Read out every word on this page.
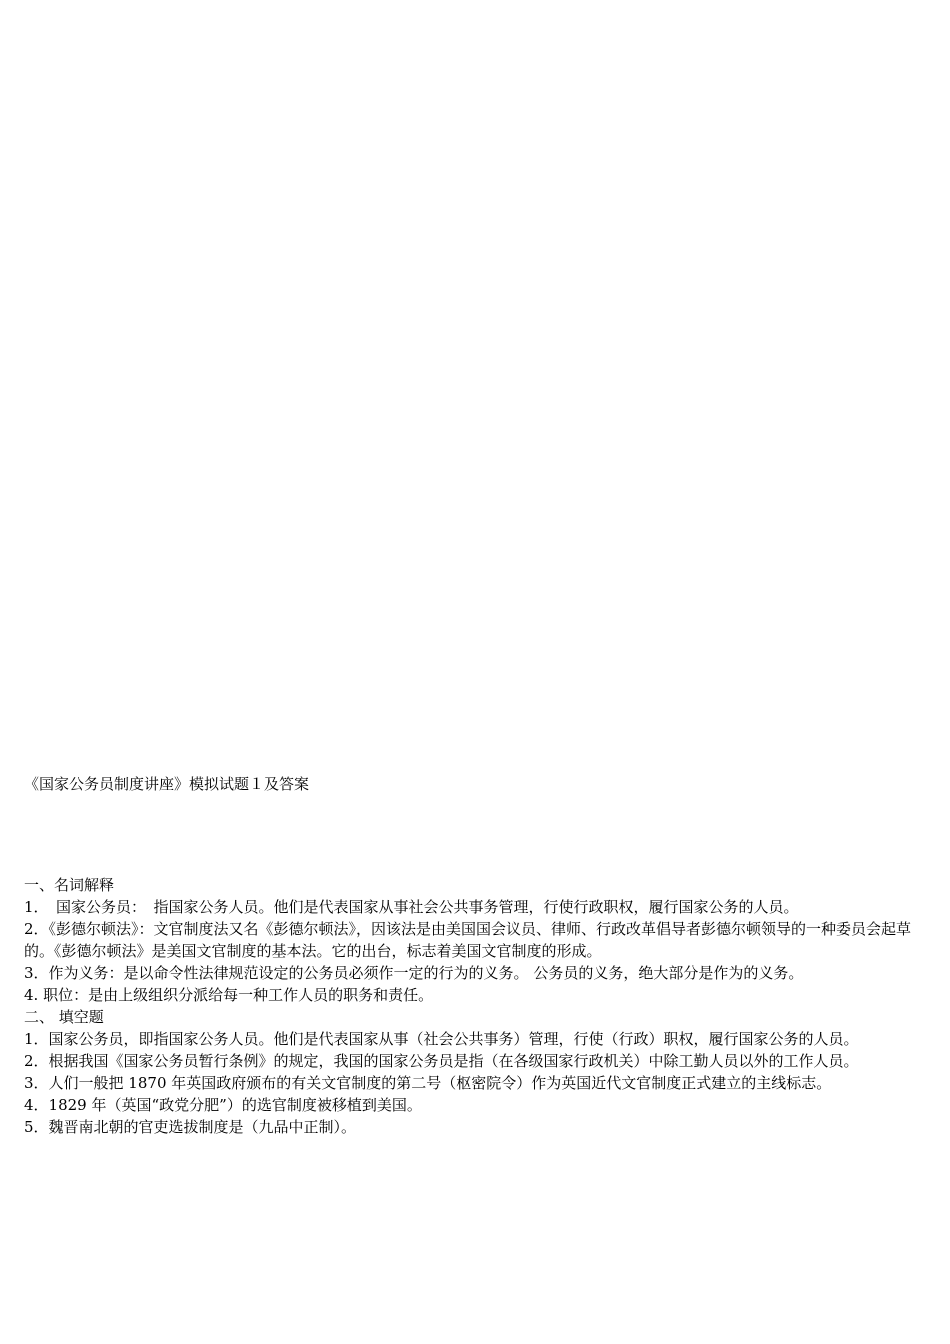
《国家公务员制度讲座》模拟试题１及答案

一、名词解释

1．　国家公务员：　指国家公务人员。他们是代表国家从事社会公共事务管理，行使行政职权，履行国家公务的人员。

2．《彭德尔顿法》：文官制度法又名《彭德尔顿法》，因该法是由美国国会议员、律师、行政改革倡导者彭德尔顿领导的一种委员会起草的。《彭德尔顿法》是美国文官制度的基本法。它的出台，标志着美国文官制度的形成。

3．作为义务：是以命令性法律规范设定的公务员必须作一定的行为的义务。 公务员的义务，绝大部分是作为的义务。

4. 职位：是由上级组织分派给每一种工作人员的职务和责任。

二、 填空题

1．国家公务员，即指国家公务人员。他们是代表国家从事（社会公共事务）管理，行使（行政）职权，履行国家公务的人员。

2．根据我国《国家公务员暂行条例》的规定，我国的国家公务员是指（在各级国家行政机关）中除工勤人员以外的工作人员。

3．人们一般把 1870 年英国政府颁布的有关文官制度的第二号（枢密院令）作为英国近代文官制度正式建立的主线标志。

4．1829 年（英国“政党分肥”）的选官制度被移植到美国。

5．魏晋南北朝的官吏选拔制度是（九品中正制）。
